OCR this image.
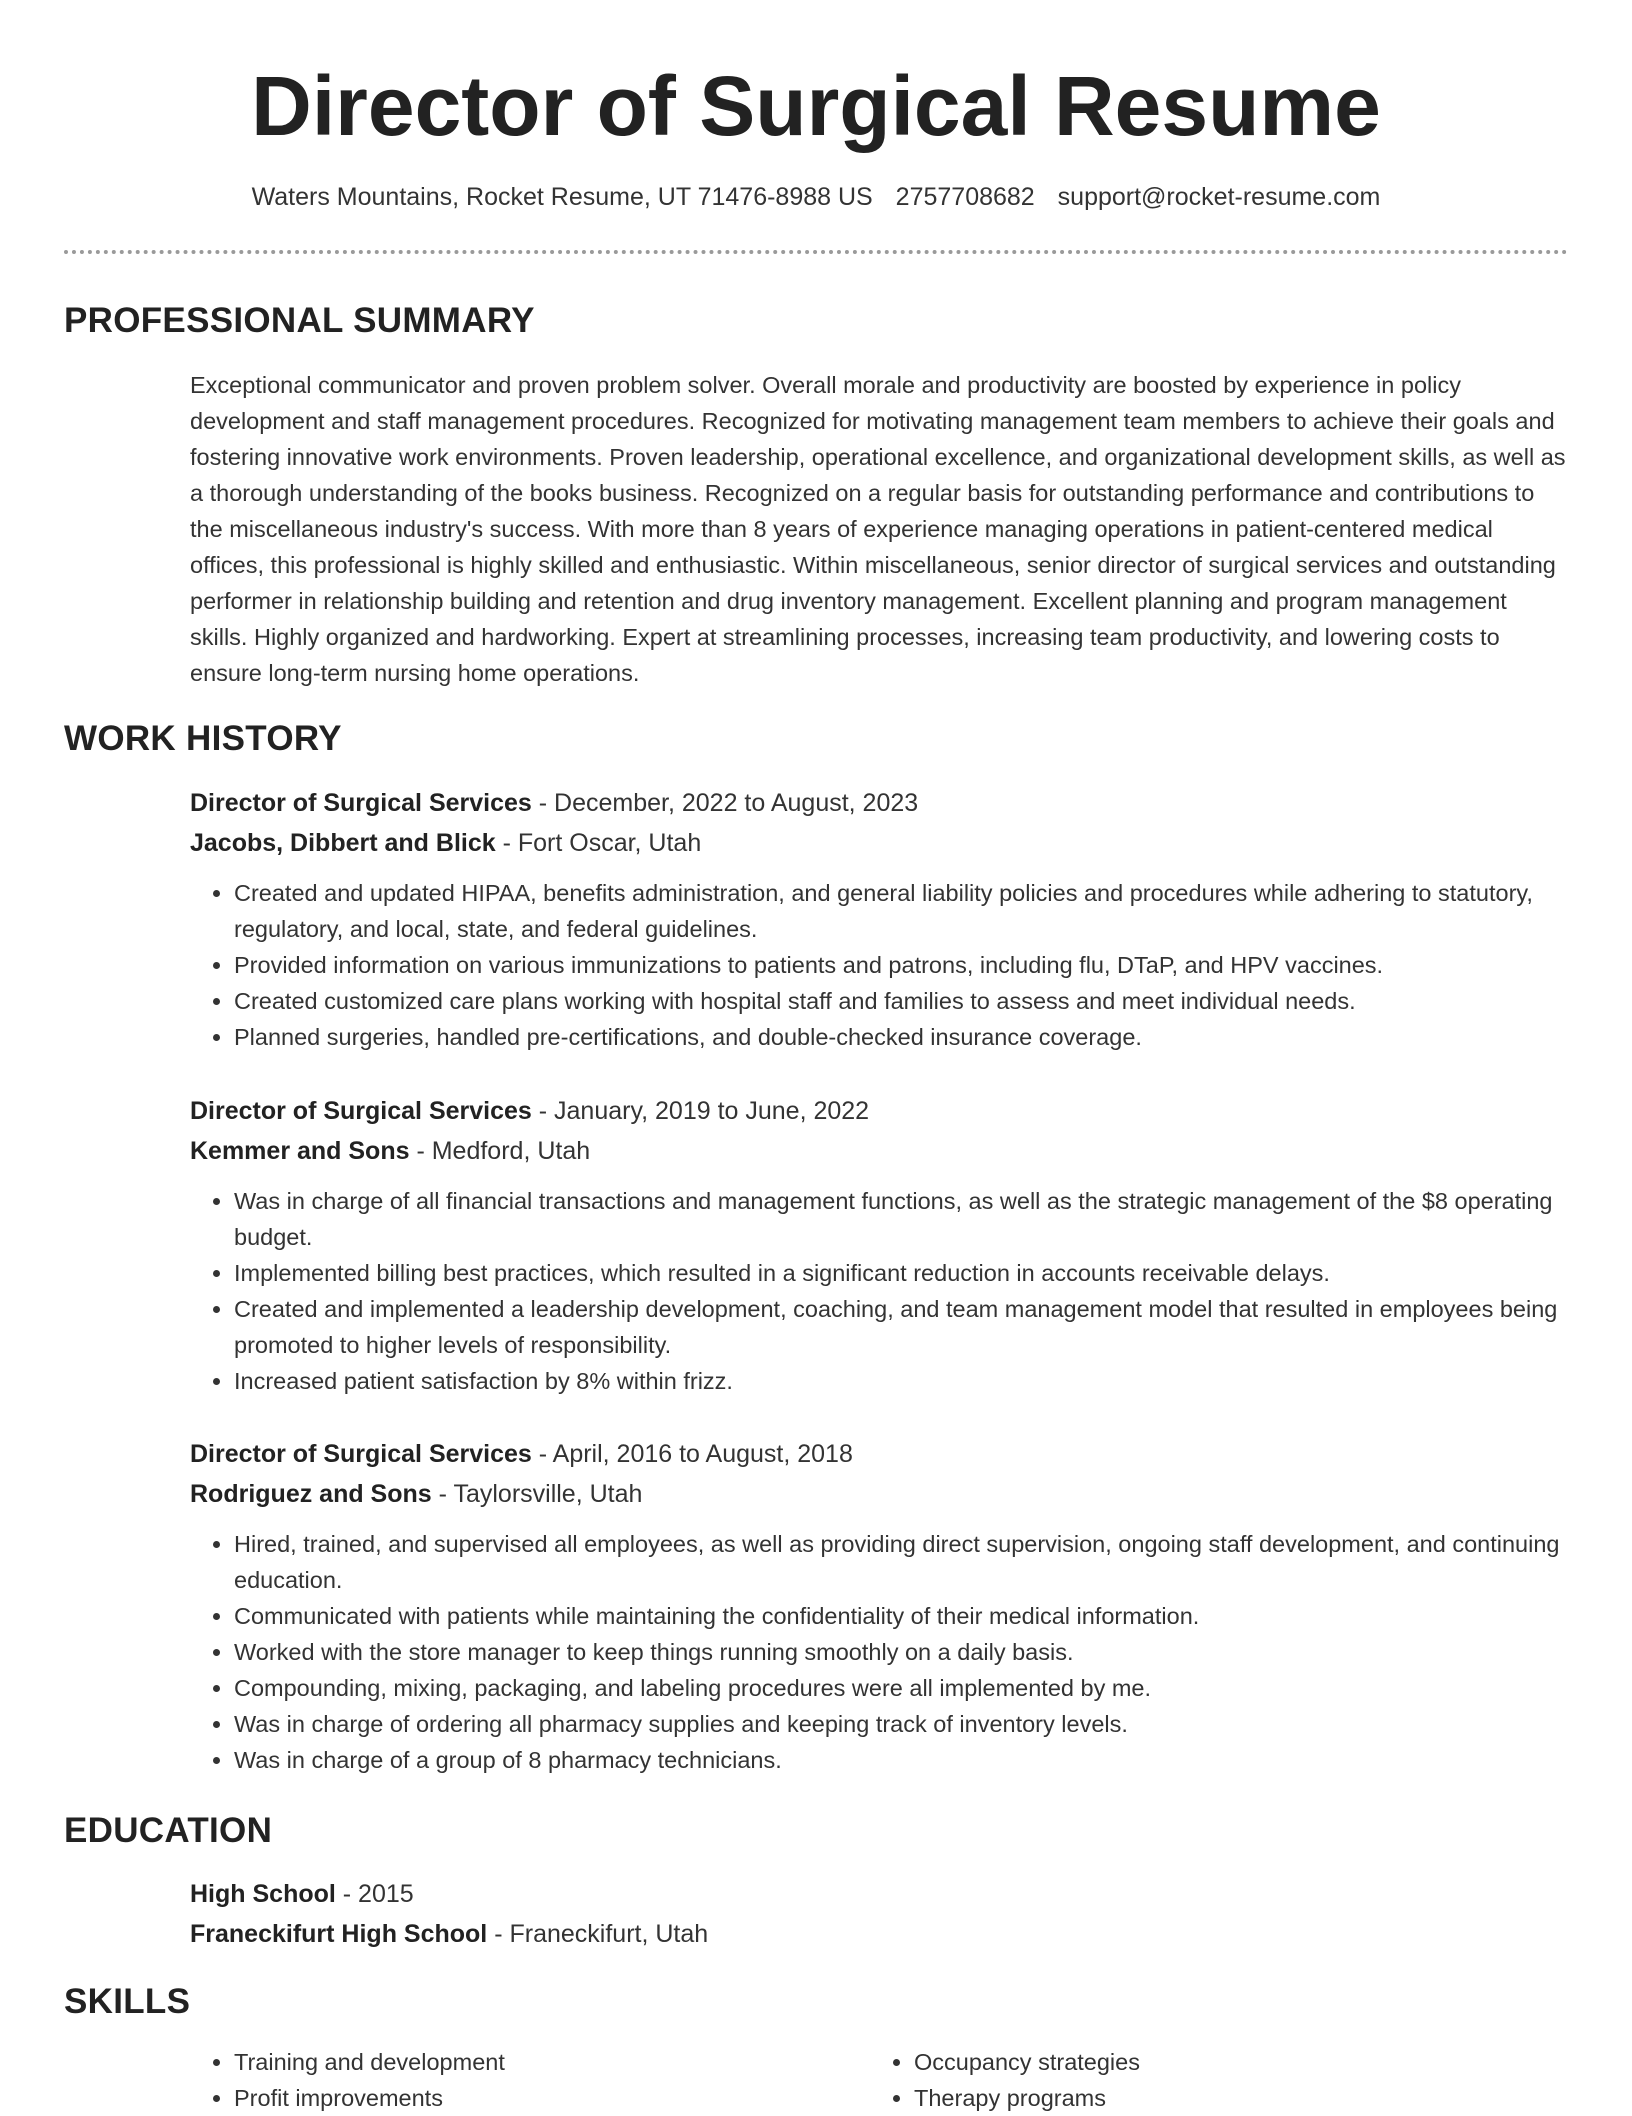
Director of Surgical Resume
Waters Mountains, Rocket Resume, UT 71476-8988 US 2757708682 support@rocket-resume.com
PROFESSIONAL SUMMARY
Exceptional communicator and proven problem solver. Overall morale and productivity are boosted by experience in policy development and staff management procedures. Recognized for motivating management team members to achieve their goals and fostering innovative work environments. Proven leadership, operational excellence, and organizational development skills, as well as a thorough understanding of the books business. Recognized on a regular basis for outstanding performance and contributions to the miscellaneous industry's success. With more than 8 years of experience managing operations in patient-centered medical offices, this professional is highly skilled and enthusiastic. Within miscellaneous, senior director of surgical services and outstanding performer in relationship building and retention and drug inventory management. Excellent planning and program management skills. Highly organized and hardworking. Expert at streamlining processes, increasing team productivity, and lowering costs to ensure long-term nursing home operations.
WORK HISTORY
Director of Surgical Services - December, 2022 to August, 2023
Jacobs, Dibbert and Blick - Fort Oscar, Utah
• Created and updated HIPAA, benefits administration, and general liability policies and procedures while adhering to statutory, regulatory, and local, state, and federal guidelines.
• Provided information on various immunizations to patients and patrons, including flu, DTaP, and HPV vaccines.
• Created customized care plans working with hospital staff and families to assess and meet individual needs.
• Planned surgeries, handled pre-certifications, and double-checked insurance coverage.
Director of Surgical Services - January, 2019 to June, 2022
Kemmer and Sons - Medford, Utah
• Was in charge of all financial transactions and management functions, as well as the strategic management of the $8 operating budget.
• Implemented billing best practices, which resulted in a significant reduction in accounts receivable delays.
• Created and implemented a leadership development, coaching, and team management model that resulted in employees being promoted to higher levels of responsibility.
• Increased patient satisfaction by 8% within frizz.
Director of Surgical Services - April, 2016 to August, 2018
Rodriguez and Sons - Taylorsville, Utah
• Hired, trained, and supervised all employees, as well as providing direct supervision, ongoing staff development, and continuing education.
• Communicated with patients while maintaining the confidentiality of their medical information.
• Worked with the store manager to keep things running smoothly on a daily basis.
• Compounding, mixing, packaging, and labeling procedures were all implemented by me.
• Was in charge of ordering all pharmacy supplies and keeping track of inventory levels.
• Was in charge of a group of 8 pharmacy technicians.
EDUCATION
High School - 2015
Franeckifurt High School - Franeckifurt, Utah
SKILLS
• Training and development
• Profit improvements
• Occupancy strategies
• Therapy programs
